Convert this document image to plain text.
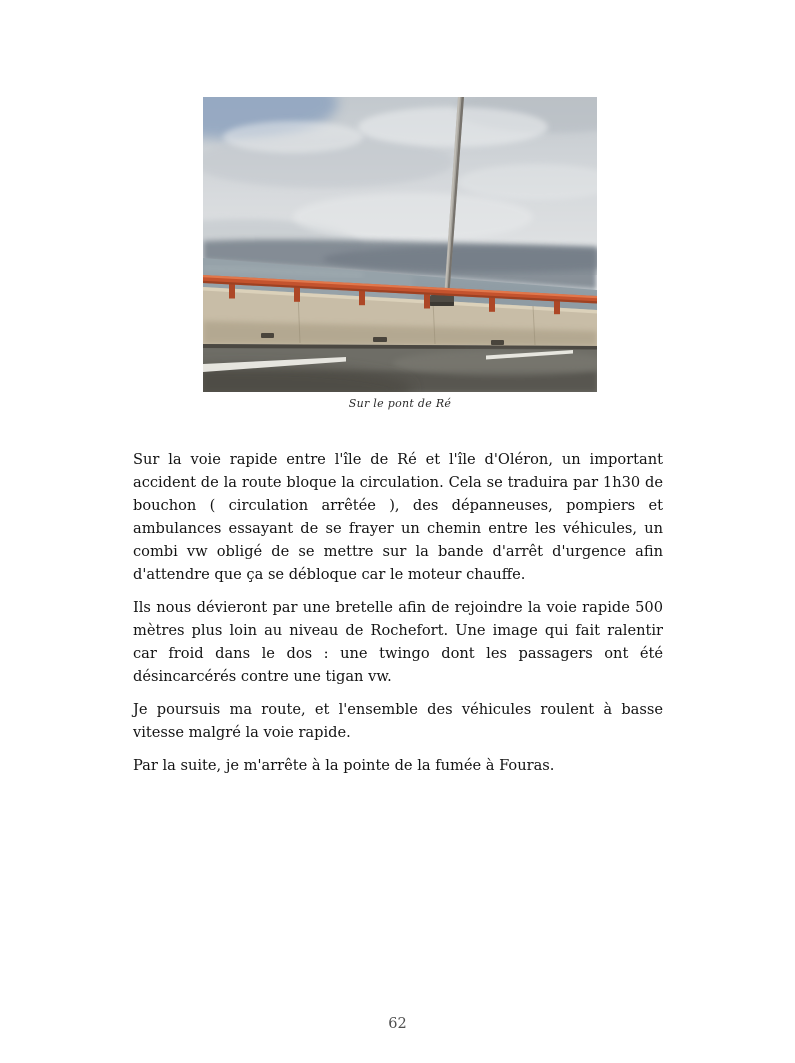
Sur le pont de Ré

Sur la voie rapide entre l'île de Ré et l'île d'Oléron, un important accident de la route bloque la circulation. Cela se traduira par 1h30 de bouchon ( circulation arrêtée ), des dépanneuses, pompiers et ambulances essayant de se frayer un chemin entre les véhicules, un combi vw obligé de se mettre sur la bande d'arrêt d'urgence afin d'attendre que ça se débloque car le moteur chauffe.

Ils nous dévieront par une bretelle afin de rejoindre la voie rapide 500 mètres plus loin au niveau de Rochefort. Une image qui fait ralentir car froid dans le dos : une twingo dont les passagers ont été désincarcérés contre une tigan vw.

Je poursuis ma route, et l'ensemble des véhicules roulent à basse vitesse malgré la voie rapide.

Par la suite, je m'arrête à la pointe de la fumée à Fouras.

62
